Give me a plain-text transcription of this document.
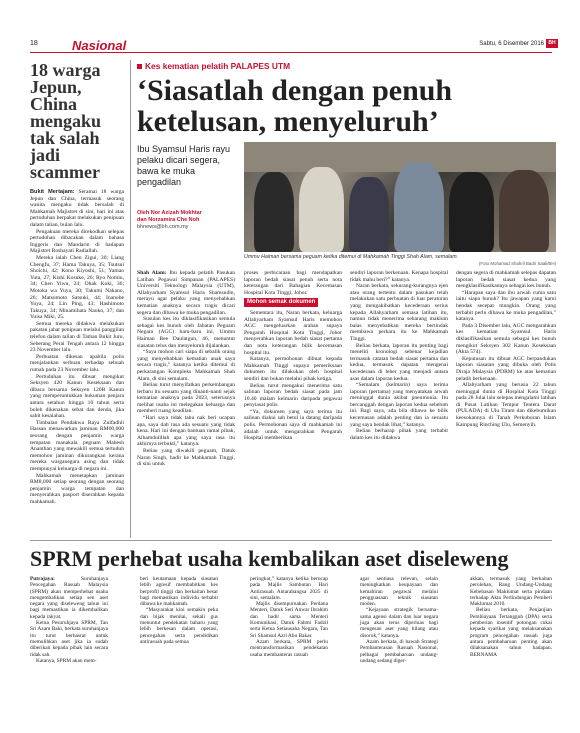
18	Nasional	Sabtu, 6 Disember 2016 BH
18 warga Jepun, China mengaku tak salah jadi scammer

Bukit Mertajam: Seramai 18 warga Jepun dan China, termasuk seorang wanita mengaku tidak bersalah di Mahkamah Majistret di sini, hari ini atas pertuduhan berpakat melakukan penipuan dalam talian, bulan lalu.

Pengakuan mereka direkodkan selepas pertuduhan dibacakan dalam bahasa Inggeris dan Mandarin di hadapan Majistret Roshayati Radiallah.

Mereka ialah Chen Zigui, 30; Liang Chengfu, 37; Hama Takuya, 35; Tsutsui Shoichi, 42; Kono Kiyoshi, 51; Yamao Yuta, 27; Kishi Kosuke, 26; Ryo Nomiu, 34; Chen Yiwu, 24; Ohak Koki, 36; Motoka wa Yuya, 30; Takumi Nakano, 26; Matsumoto Satsuki, 44; Inanobe Yuya, 24; Lin Ping, 43; Hashimoto Takuya, 34; Minamihata Naoko, 37; dan Yuisa Miki, 25.

Semua mereka didakwa melakukan pakatan jahat penipuan melalui panggilan telefon dalam talian di Taman Bukit Juru, Seberang Perai Tengah antara 12 hingga 23 November lalu.

Perbuatan dikesan apabila polis menjalankan serbuan terhadap sebuah rumah pada 23 November lalu.

Pertuduhan itu dibuat mengikut Seksyen 420 Kanun Keseksaan dan dibaca bersama Seksyen 120B Kanun yang memperuntukkan hukuman penjara antara setahun hingga 10 tahun serta boleh dikenakan sebat dan denda, jika sabit kesalahan.

Timbalan Pendakwa Raya Zulfadhli Hassan menawarkan jaminan RM60,000 seorang dengan penjamin warga tempatan manakala peguam Mahesh Ananthan yang mewakili semua tertuduh memohon jaminan dikurangkan kerana mereka warganegara asing dan tidak mempunyai keluarga di negara ini.

Mahkamah menetapkan jaminan RM8,000 setiap seorang dengan seorang penjamin warga tempatan dan menyerahkan pasport diserahkan kepada mahkamah.

Kes kematian pelatih PALAPES UTM
‘Siasatlah dengan penuh ketelusan, menyeluruh’
Ibu Syamsul Haris rayu pelaku dicari segera, bawa ke muka pengadilan
Oleh Nor Azizah Mokhtar
dan Norzamira Che Noh
bhnews@bh.com.my
Ummu Haiman bersama peguam ketika ditemui di Mahkamah Tinggi Shah Alam, semalam.
(Foto Mohamad Shahril Badri Saali/BH)

Shah Alam: Ibu kepada pelatih Pasukan Latihan Pegawai Simpanan (PALAPES) Universiti Teknologi Malaysia (UTM), Allahyarham Syamsul Haris Shamsudin, merayu agar pelaku yang menyebabkan kematian anaknya secara tragis dicari segera dan dibawa ke muka pengadilan.

Susulan kes itu diklasifikasikan semula sebagai kes bunuh oleh Jabatan Peguam Negara (AGC) baru-baru ini, Ummu Haiman Bee Daulatgun, 46, menuntut siasatan telus dan menyeluruh dijalankan.

“Saya mohon cari siapa di sebalik orang yang menyebabkan kematian anak saya secara tragis,” katanya ketika ditemui di perkarangan Kompleks Mahkamah Shah Alam, di sini semalam.

Beliau turut menyifatkan perkembangan terbaru itu sesuatu yang dinanti-nanti sejak kematian anaknya pada 2023, seterusnya melihat usaha ini melegakan keluarga dan memberi ruang keadilan.

“Hari saya tidak tahu nak beri ucapan apa, saya dah rasa ada sesuatu yang tidak kena. Hari ini dengan bantuan ramai pihak, Alhamdulillah apa yang saya rasa itu akhirnya terbukti,” katanya.

Beliau yang diwakili peguam, Datuk Naran Singh, hadir ke Mahkamah Tinggi, di sini untuk

proses perbicaraan bagi mendapatkan laporan bedah siasat penuh serta nota keterangan dari Bahagian Kecemasan Hospital Kota Tinggi, Johor.

Mohon semak dokumen

Sementara itu, Naran berkata, keluarga Allahyarham Syamsul Haris memohon AGC mengeluarkan arahan supaya Pengarah Hospital Kota Tinggi, Johor menyerahkan laporan bedah siasat pertama dan nota keterangan bilik kecemasan hospital itu.

Katanya, permohonan dibuat kepada Mahkamah Tinggi supaya pemeriksaan dokumen itu dilakukan oleh hospital sendiri dan bukan melalui pihak ketiga.

Beliau turut mengakui menerima satu salinan laporan bedah siasat pada jam 10.40 malam kelmarin daripada pegawai penyiasat polis.

“Ya, dokumen yang saya terima itu salinan diakui sah betul ia datang daripada polis. Permohonan saya di mahkamah ini adalah untuk mengarahkan Pengarah Hospital memberikan

sendiri laporan berkenaan. Kenapa hospital tidak mahu beri?” katanya.

Naran berkata, sekurang-kurangnya ejen atau orang tertentu dalam pasukan telah melakukan satu perbuatan di luar peraturan yang mengakibatkan kecederaan serius kepada Allahyarham semasa latihan itu, namun tidak menerima sebarang maklum balas menyebabkan mereka bertindak membawa perkara itu ke Mahkamah Tinggi.

Beliau berkata, laporan itu penting bagi meneliti kronologi sebenar kejadian termasuk catatan bedah siasat pertama dan kedua, termasuk dapatan mengenai kecederaan di leher yang menjadi antara asas dalam laporan kedua.

“Semalam (kelmarin) saya terima laporan (pertama) yang menyatakan arwah meninggal dunia akibat pneumonia. Itu bercanggah dengan laporan kedua sebelum ini. Bagi saya, ada bila dibawa ke bilik kecemasan adalah penting dan ia sesuatu yang saya hendak lihat,” katanya.

Beliau berharap pihak yang terbabit dalam kes itu didakwa

dengan segera di mahkamah selepas dapatan laporan bedah siasat kedua yang mengklasifikasikannya sebagai kes bunuh.

“Harapan saya dan ibu arwah cuma satu iaitu siapa bunuh? Itu jawapan yang kami hendak secepat mungkin. Orang yang terbabit perlu dibawa ke muka pengadilan,” katanya.

Pada 3 Disember lalu, AGC mengarahkan kes kematian Syamsul Haris diklasifikasikan semula sebagai kes bunuh mengikut Seksyen 302 Kanun Keseksaan (Akta 574).

Keputusan itu dibuat AGC berpandukan laporan siasatan yang dibuka oleh Polis Diraja Malaysia (PDRM) ke atas kematian pelatih berkenaan.

Allahyarham yang berusia 22 tahun meninggal dunia di Hospital Kota Tinggi pada 28 Julai lalu selepas mengalami latihan di Pusat Latihan Tempur Tentera Darat (PULADA) di Ulu Tiram dan dikebumikan keesokannya di Tanah Perkuburan Islam Kampung Rinching Ulu, Semenyih.

SPRM perhebat usaha kembalikan aset diseleweng

Putrajaya: Suruhanjaya Pencegahan Rasuah Malaysia (SPRM) akan memperhebat usaha mengembalikan setiap sen aset negara yang diseleweng tahun ini bagi memastikan ia dikembalikan kepada rakyat.

Ketua Pesuruhjaya SPRM, Tan Sri Azam Baki, berkata suruhanjaya itu turut berhasrat untuk memulihkan aset jika ia sudah diberikan kepada pihak lain secara tidak sah.

Katanya, SPRM akan mem-

beri keutamaan kepada siasatan lebih agresif membabitkan kes berprofil tinggi dan berkaitan besar bagi memastikan individu terbabit dibawa ke mahkamah.

“Masyarakat kini semakin peka dan bijak menilai, sekali gus menuntut pendekatan baharu yang lebih berkesan dalam operasi, pencegahan serta pendidikan antirasuah pada semua

peringkat,” katanya ketika berucap pada Majlis Sambutan Hari Antirasuah Antarabangsa 2025 di sini, semalam.

Majlis disempurnakan Perdana Menteri, Datuk Seri Anwar Ibrahim dan hadir sama Menteri Komunikasi, Datuk Fahmi Fadzil serta Ketua Setiausaha Negara, Tan Sri Shamsul Azri Abu Bakar.

Azam berkata, SPRM perlu mentransformasikan pendekatan usaha membanteras rasuah

agar sentiasa relevan, selain meningkatkan keupayaan dan kemahiran pegawai melalui pengguasaan teknik siasatan moden.

“Kejayaan strategik bersama-sama agensi dalam dan luar negara juga akan terus diperluas bagi mengesan aset yang hilang atau disorok,” katanya.

Azam berkata, di bawah Strategi Pembanterasan Rasuah Nasional, pelbagai pembaharuan undang-undang sedang diger-

akkan, termasuk yang berkaitan perolehan, Rang Undang-Undang Kebebasan Maklumat serta pindaan terhadap Akta Perlindungan Pemberi Maklumat 2010.

Beliau berkata, Penjanjian Pembiayaan Tertangguh (DPA) serta pemberian insentif potongan cukai kepada syarikat yang melaksanakan program pencegahan rasuah juga antara pembaharuan penting akan dilaksanakan tahun hadapan. BERNAMA
